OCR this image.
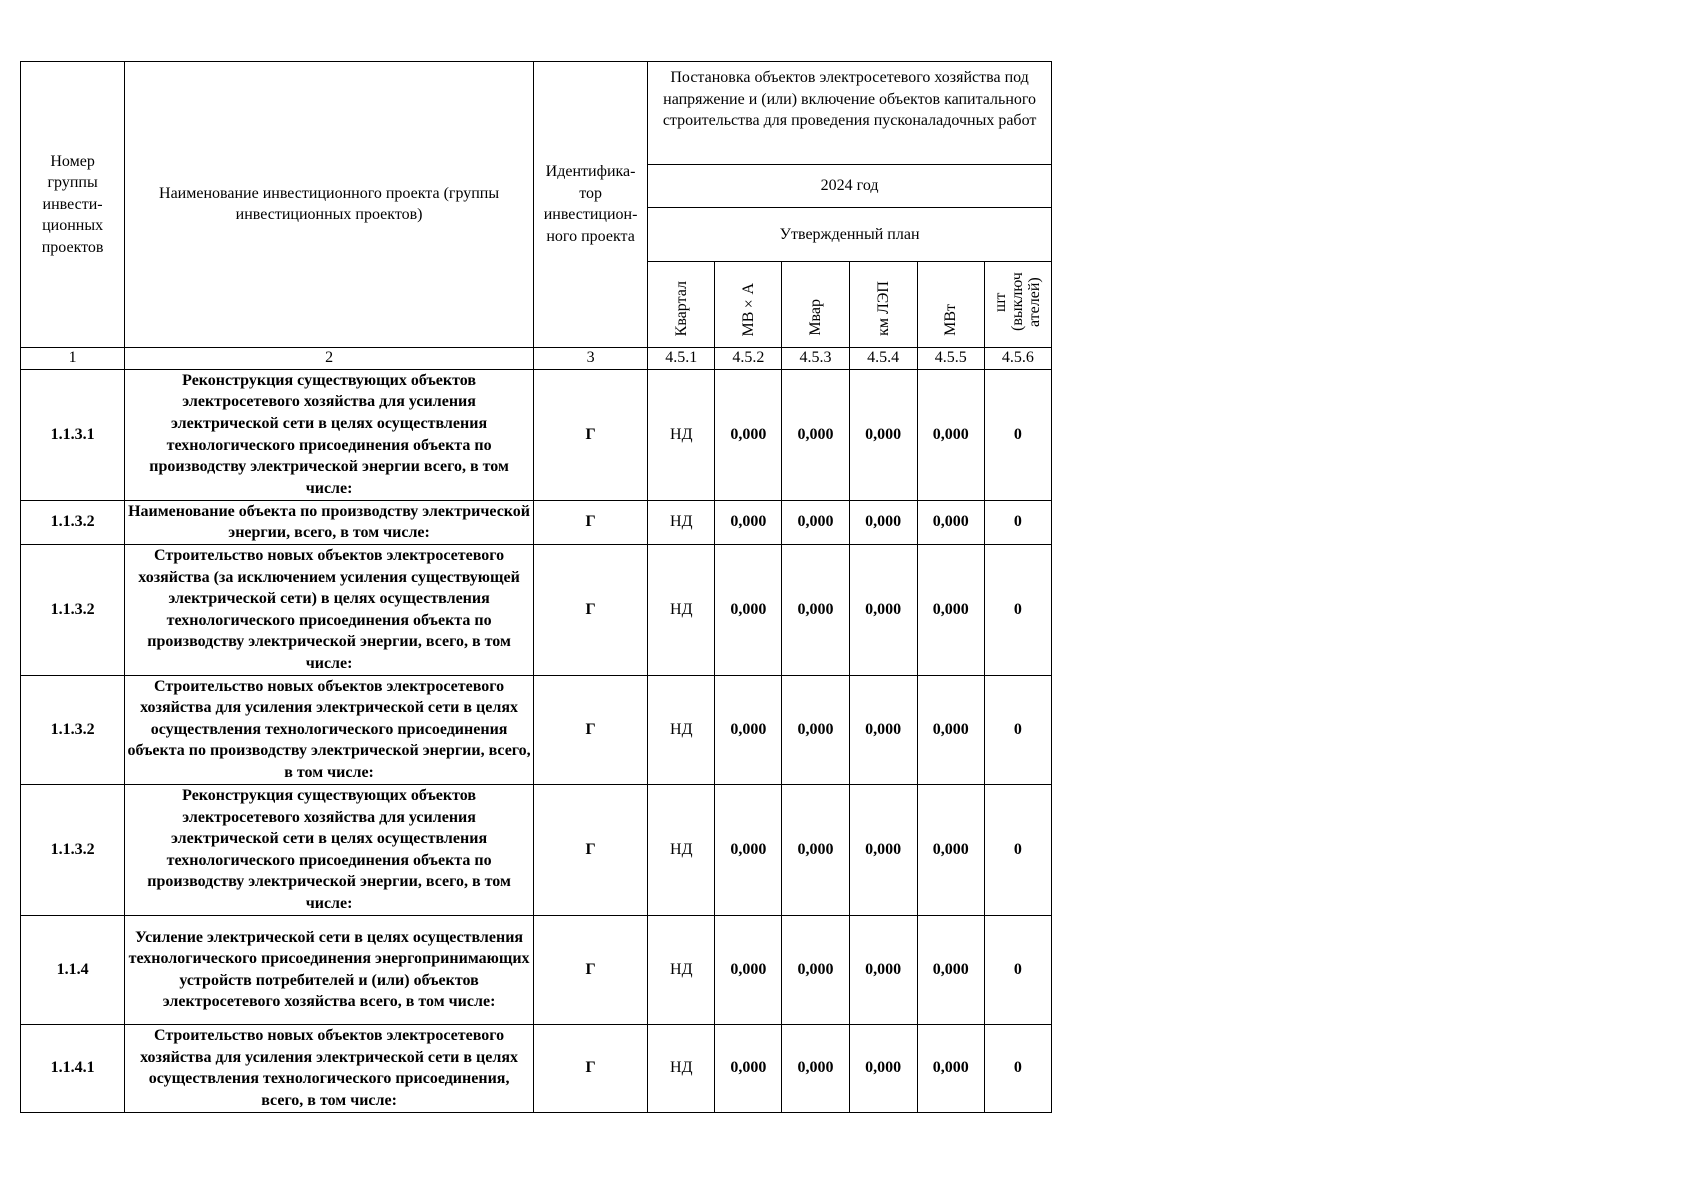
Номер группы инвести-ционных проектов	Наименование инвестиционного проекта (группы инвестиционных проектов)	Идентифика-тор инвестицион-ного проекта	Постановка объектов электросетевого хозяйства под напряжение и (или) включение объектов капитального строительства для проведения пусконаладочных работ					
			2024 год					
			Утвержденный план					
			Квартал	МВ×А	Мвар	км ЛЭП	МВт	шт (выключ ателей)
1	2	3	4.5.1	4.5.2	4.5.3	4.5.4	4.5.5	4.5.6
1.1.3.1	Реконструкция существующих объектов электросетевого хозяйства для усиления электрической сети в целях осуществления технологического присоединения объекта по производству электрической энергии всего, в том числе:	Г	НД	0,000	0,000	0,000	0,000	0
1.1.3.2	Наименование объекта по производству электрической энергии, всего, в том числе:	Г	НД	0,000	0,000	0,000	0,000	0
1.1.3.2	Строительство новых объектов электросетевого хозяйства (за исключением усиления существующей электрической сети) в целях осуществления технологического присоединения объекта по производству электрической энергии, всего, в том числе:	Г	НД	0,000	0,000	0,000	0,000	0
1.1.3.2	Строительство новых объектов электросетевого хозяйства для усиления электрической сети в целях осуществления технологического присоединения объекта по производству электрической энергии, всего, в том числе:	Г	НД	0,000	0,000	0,000	0,000	0
1.1.3.2	Реконструкция существующих объектов электросетевого хозяйства для усиления электрической сети в целях осуществления технологического присоединения объекта по производству электрической энергии, всего, в том числе:	Г	НД	0,000	0,000	0,000	0,000	0
1.1.4	Усиление электрической сети в целях осуществления технологического присоединения энергопринимающих устройств потребителей и (или) объектов электросетевого хозяйства всего, в том числе:	Г	НД	0,000	0,000	0,000	0,000	0
1.1.4.1	Строительство новых объектов электросетевого хозяйства для усиления электрической сети в целях осуществления технологического присоединения, всего, в том числе:	Г	НД	0,000	0,000	0,000	0,000	0
